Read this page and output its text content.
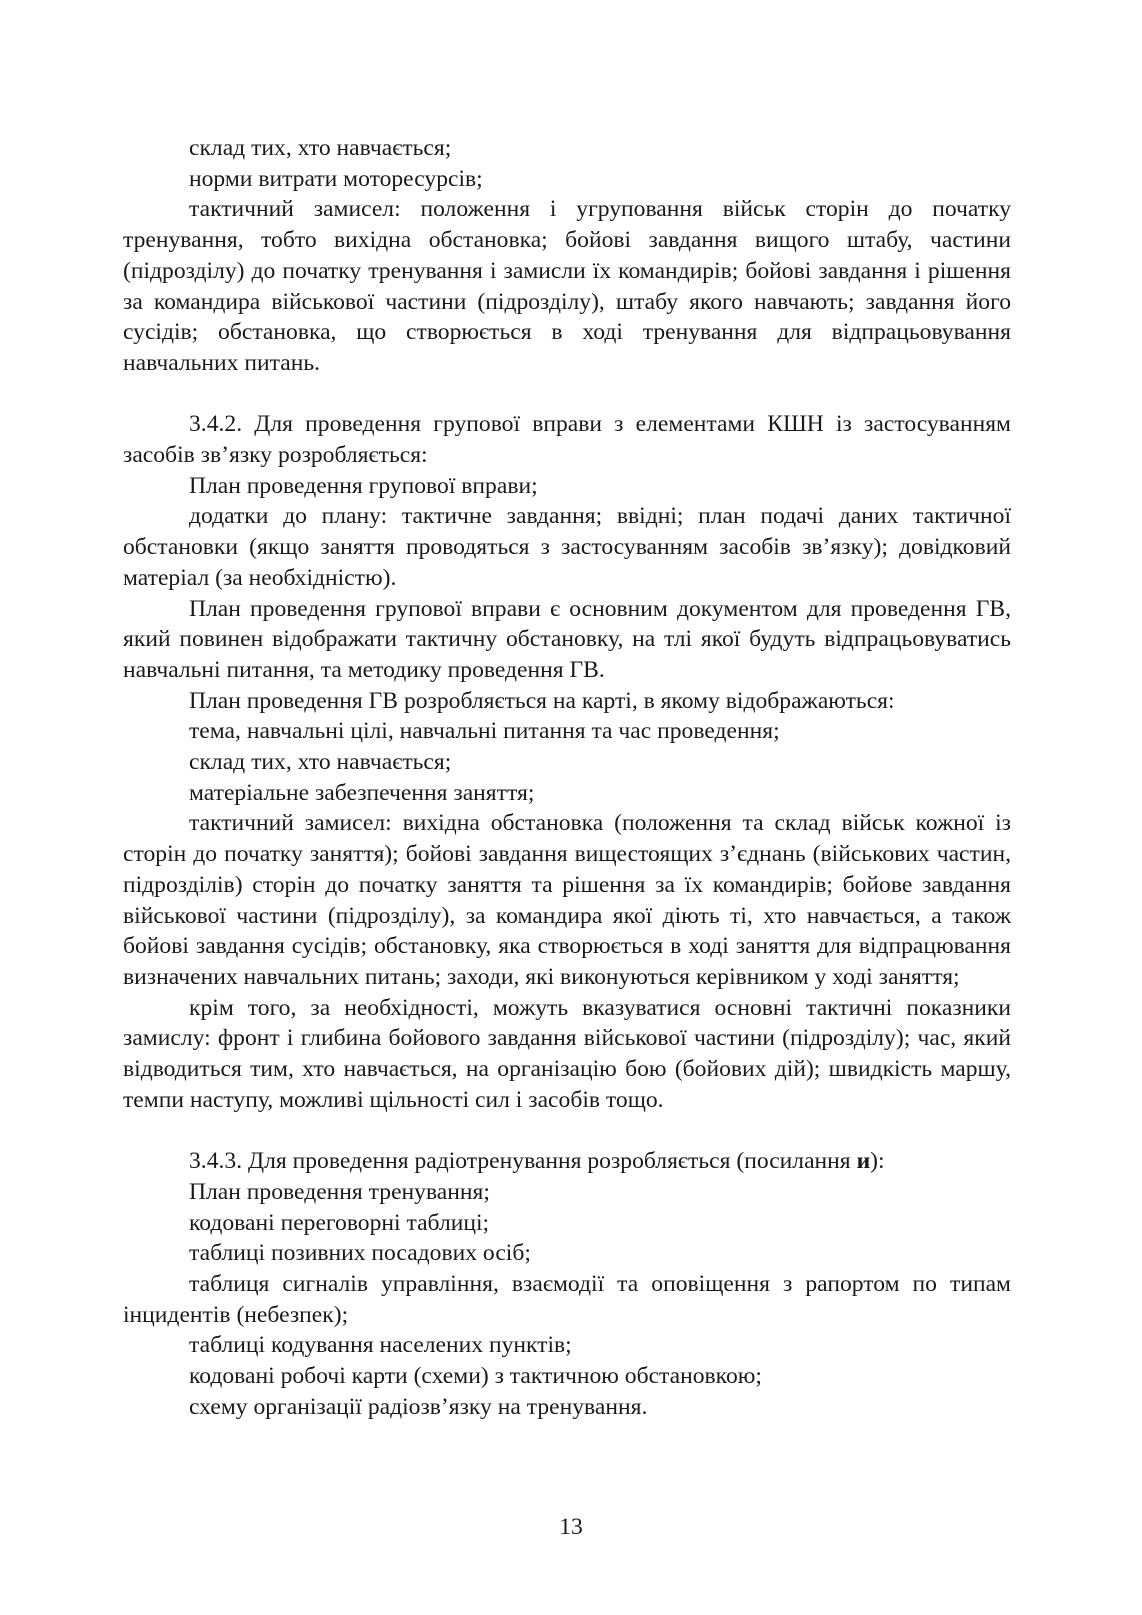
склад тих, хто навчається;

норми витрати моторесурсів;

тактичний замисел: положення і угруповання військ сторін до початку тренування, тобто вихідна обстановка; бойові завдання вищого штабу, частини (підрозділу) до початку тренування і замисли їх командирів; бойові завдання і рішення за командира військової частини (підрозділу), штабу якого навчають; завдання його сусідів; обстановка, що створюється в ході тренування для відпрацьовування навчальних питань.

3.4.2. Для проведення групової вправи з елементами КШН із застосуванням засобів зв’язку розробляється:

План проведення групової вправи;

додатки до плану: тактичне завдання; ввідні; план подачі даних тактичної обстановки (якщо заняття проводяться з застосуванням засобів зв’язку); довідковий матеріал (за необхідністю).

План проведення групової вправи є основним документом для проведення ГВ, який повинен відображати тактичну обстановку, на тлі якої будуть відпрацьовуватись навчальні питання, та методику проведення ГВ.

План проведення ГВ розробляється на карті, в якому відображаються:

тема, навчальні цілі, навчальні питання та час проведення;

склад тих, хто навчається;

матеріальне забезпечення заняття;

тактичний замисел: вихідна обстановка (положення та склад військ кожної із сторін до початку заняття); бойові завдання вищестоящих з’єднань (військових частин, підрозділів) сторін до початку заняття та рішення за їх командирів; бойове завдання військової частини (підрозділу), за командира якої діють ті, хто навчається, а також бойові завдання сусідів; обстановку, яка створюється в ході заняття для відпрацювання визначених навчальних питань; заходи, які виконуються керівником у ході заняття;

крім того, за необхідності, можуть вказуватися основні тактичні показники замислу: фронт і глибина бойового завдання військової частини (підрозділу); час, який відводиться тим, хто навчається, на організацію бою (бойових дій); швидкість маршу, темпи наступу, можливі щільності сил і засобів тощо.

3.4.3. Для проведення радіотренування розробляється (посилання и):

План проведення тренування;

кодовані переговорні таблиці;

таблиці позивних посадових осіб;

таблиця сигналів управління, взаємодії та оповіщення з рапортом по типам інцидентів (небезпек);

таблиці кодування населених пунктів;

кодовані робочі карти (схеми) з тактичною обстановкою;

схему організації радіозв’язку на тренування.

13
